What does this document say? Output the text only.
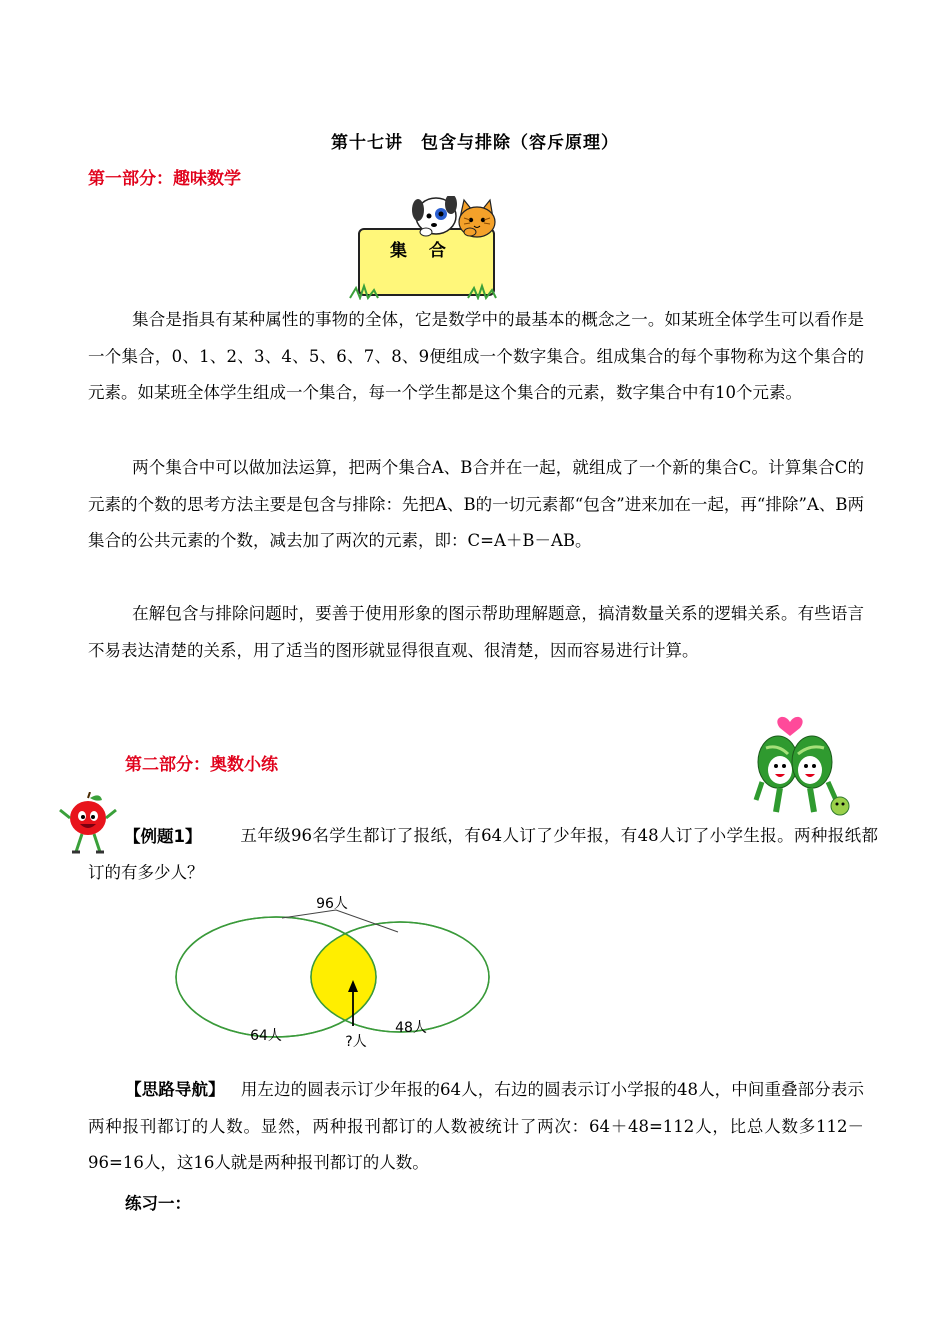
第十七讲　包含与排除（容斥原理）
第一部分：趣味数学
集 合
集合是指具有某种属性的事物的全体，它是数学中的最基本的概念之一。如某班全体学生可以看作是一个集合，0、1、2、3、4、5、6、7、8、9便组成一个数字集合。组成集合的每个事物称为这个集合的元素。如某班全体学生组成一个集合，每一个学生都是这个集合的元素，数字集合中有10个元素。
两个集合中可以做加法运算，把两个集合A、B合并在一起，就组成了一个新的集合C。计算集合C的元素的个数的思考方法主要是包含与排除：先把A、B的一切元素都“包含”进来加在一起，再“排除”A、B两集合的公共元素的个数，减去加了两次的元素，即：C=A＋B－AB。
在解包含与排除问题时，要善于使用形象的图示帮助理解题意，搞清数量关系的逻辑关系。有些语言不易表达清楚的关系，用了适当的图形就显得很直观、很清楚，因而容易进行计算。
第二部分：奥数小练
【例题1】	五年级96名学生都订了报纸，有64人订了少年报，有48人订了小学生报。两种报纸都订的有多少人？
96人
64人	48人
?人
【思路导航】 用左边的圆表示订少年报的64人，右边的圆表示订小学报的48人，中间重叠部分表示两种报刊都订的人数。显然，两种报刊都订的人数被统计了两次：64＋48=112人，比总人数多112－96=16人，这16人就是两种报刊都订的人数。
练习一：
